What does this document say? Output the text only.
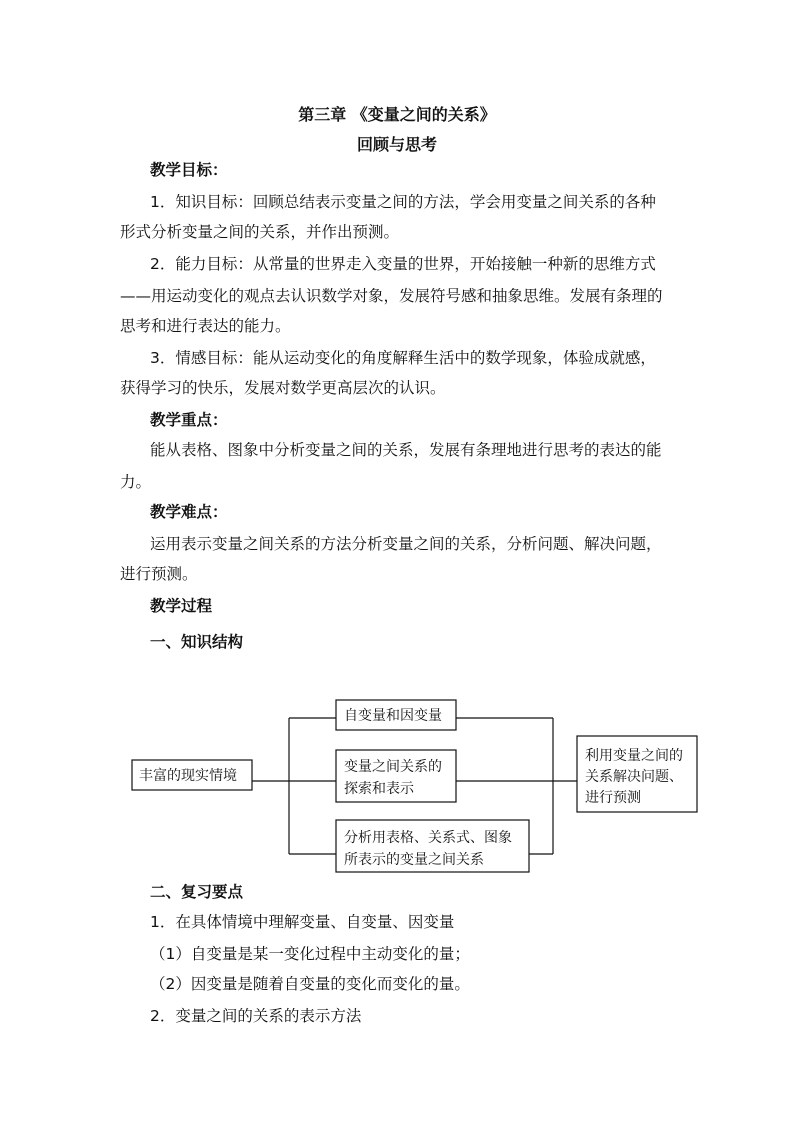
第三章 《变量之间的关系》
回顾与思考
教学目标：
1．知识目标：回顾总结表示变量之间的方法，学会用变量之间关系的各种
形式分析变量之间的关系，并作出预测。
2．能力目标：从常量的世界走入变量的世界，开始接触一种新的思维方式
——用运动变化的观点去认识数学对象，发展符号感和抽象思维。发展有条理的
思考和进行表达的能力。
3．情感目标：能从运动变化的角度解释生活中的数学现象，体验成就感，
获得学习的快乐，发展对数学更高层次的认识。
教学重点：
能从表格、图象中分析变量之间的关系，发展有条理地进行思考的表达的能
力。
教学难点：
运用表示变量之间关系的方法分析变量之间的关系，分析问题、解决问题，
进行预测。
教学过程
一、知识结构
丰富的现实情境
自变量和因变量
变量之间关系的
探索和表示
分析用表格、关系式、图象
所表示的变量之间关系
利用变量之间的
关系解决问题、
进行预测
二、复习要点
1．在具体情境中理解变量、自变量、因变量
（1）自变量是某一变化过程中主动变化的量；
（2）因变量是随着自变量的变化而变化的量。
2．变量之间的关系的表示方法
